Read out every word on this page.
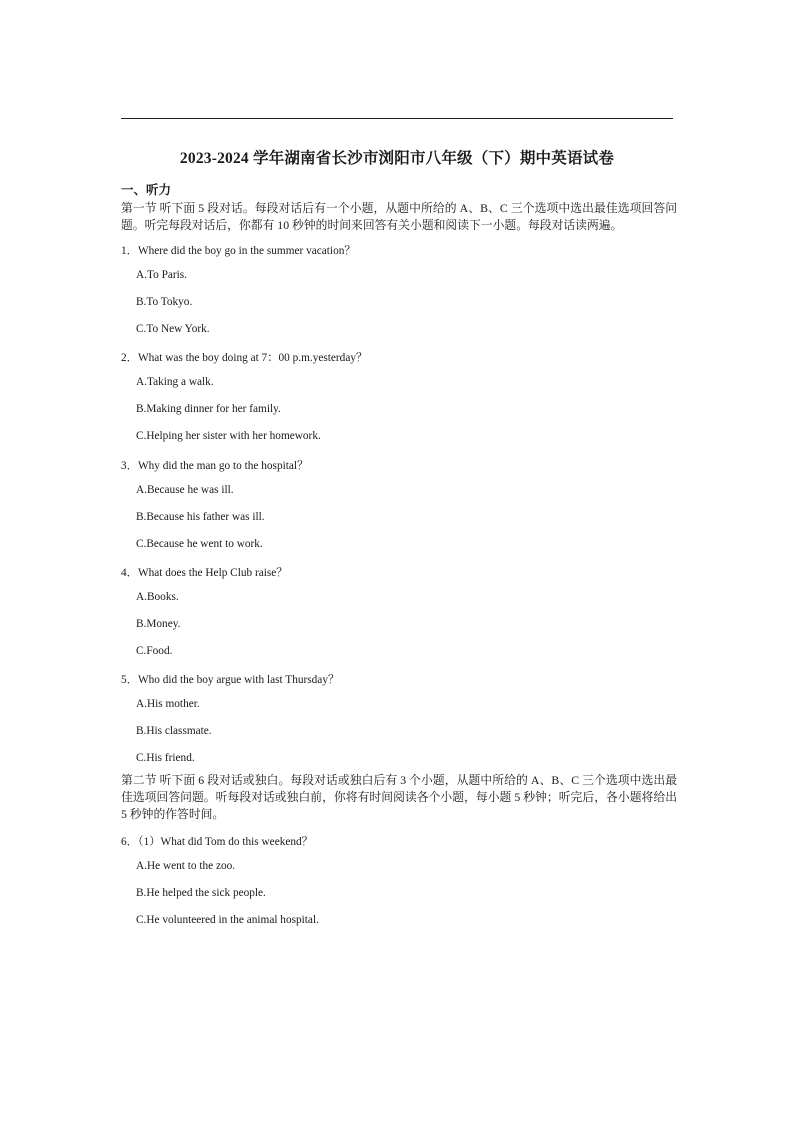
2023-2024 学年湖南省长沙市浏阳市八年级（下）期中英语试卷
一、听力
第一节 听下面 5 段对话。每段对话后有一个小题，从题中所给的 A、B、C 三个选项中选出最佳选项回答问题。听完每段对话后，你都有 10 秒钟的时间来回答有关小题和阅读下一小题。每段对话读两遍。
1．Where did the boy go in the summer vacation？
A.To Paris.
B.To Tokyo.
C.To New York.
2．What was the boy doing at 7：00 p.m.yesterday？
A.Taking a walk.
B.Making dinner for her family.
C.Helping her sister with her homework.
3．Why did the man go to the hospital？
A.Because he was ill.
B.Because his father was ill.
C.Because he went to work.
4．What does the Help Club raise？
A.Books.
B.Money.
C.Food.
5．Who did the boy argue with last Thursday？
A.His mother.
B.His classmate.
C.His friend.
第二节 听下面 6 段对话或独白。每段对话或独白后有 3 个小题，从题中所给的 A、B、C 三个选项中选出最佳选项回答问题。听每段对话或独白前，你将有时间阅读各个小题，每小题 5 秒钟；听完后，各小题将给出 5 秒钟的作答时间。
6．（1）What did Tom do this weekend？
A.He went to the zoo.
B.He helped the sick people.
C.He volunteered in the animal hospital.
